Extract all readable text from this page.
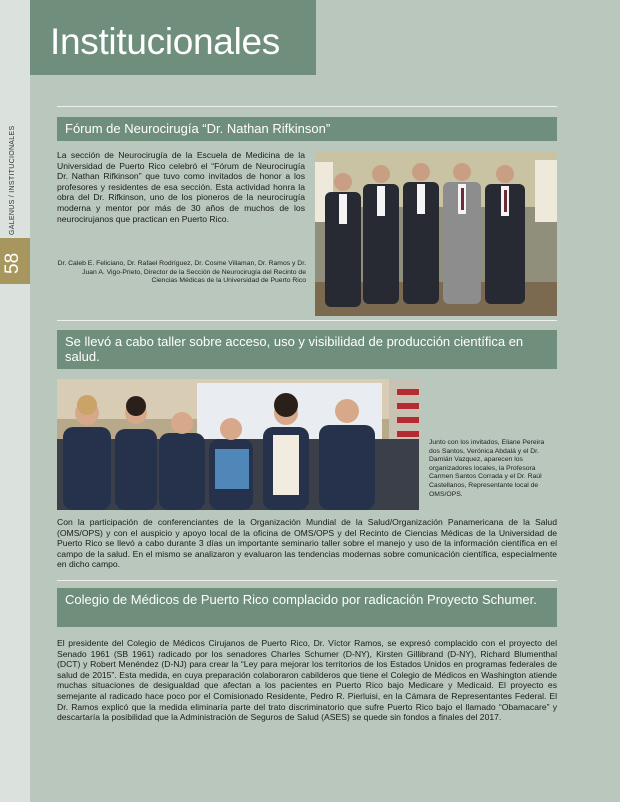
GALENUS / INSTITUCIONALES
58
Institucionales
Fórum de Neurocirugía “Dr. Nathan Rifkinson”

La sección de Neurocirugía de la Escuela de Medicina de la Universidad de Puerto Rico celebró el “Fórum de Neurocirugía Dr. Nathan Rifkinson” que tuvo como invitados de honor a los profesores y residentes de esa sección. Esta actividad honra la obra del Dr. Rifkinson, uno de los pioneros de la neurocirugía moderna y mentor por más de 30 años de muchos de los neurocirujanos que practican en Puerto Rico.

Dr. Caleb E. Feliciano, Dr. Rafael Rodríguez, Dr. Cosme Villaman, Dr. Ramos y Dr. Juan A. Vigo-Prieto, Director de la Sección de Neurocirugía del Recinto de Ciencias Médicas de la Universidad de Puerto Rico

Se llevó a cabo taller sobre acceso, uso y visibilidad de producción científica en salud.

Junto con los invitados, Eliane Pereira dos Santos, Verónica Abdalá y el Dr. Damián Vazquez, aparecen los organizadores locales, la Profesora Carmen Santos Corrada y el Dr. Raúl Castellanos, Representante local de OMS/OPS.

Con la participación de conferenciantes de la Organización Mundial de la Salud/Organización Panamericana de la Salud (OMS/OPS) y con el auspicio y apoyo local de la oficina de OMS/OPS y del Recinto de Ciencias Médicas de la Universidad de Puerto Rico se llevó a cabo durante 3 días un importante seminario taller sobre el manejo y uso de la información científica en el campo de la salud. En el mismo se analizaron y evaluaron las tendencias modernas sobre comunicación científica, especialmente en dicho campo.

Colegio de Médicos de Puerto Rico complacido por radicación Proyecto Schumer.

El presidente del Colegio de Médicos Cirujanos de Puerto Rico, Dr. Víctor Ramos, se expresó complacido con el proyecto del Senado 1961 (SB 1961) radicado por los senadores Charles Schumer (D-NY), Kirsten Gillibrand (D-NY), Richard Blumenthal (DCT) y Robert Menéndez (D-NJ) para crear la “Ley para mejorar los territorios de los Estados Unidos en programas federales de salud de 2015”. Esta medida, en cuya preparación colaboraron cabilderos que tiene el Colegio de Médicos en Washington atiende muchas situaciones de desigualdad que afectan a los pacientes en Puerto Rico bajo Medicare y Medicaid. El proyecto es semejante al radicado hace poco por el Comisionado Residente, Pedro R. Pierluisi, en la Cámara de Representantes Federal. El Dr. Ramos explicó que la medida eliminaría parte del trato discriminatorio que sufre Puerto Rico bajo el llamado “Obamacare” y descartaría la posibilidad que la Administración de Seguros de Salud (ASES) se quede sin fondos a finales del 2017.
